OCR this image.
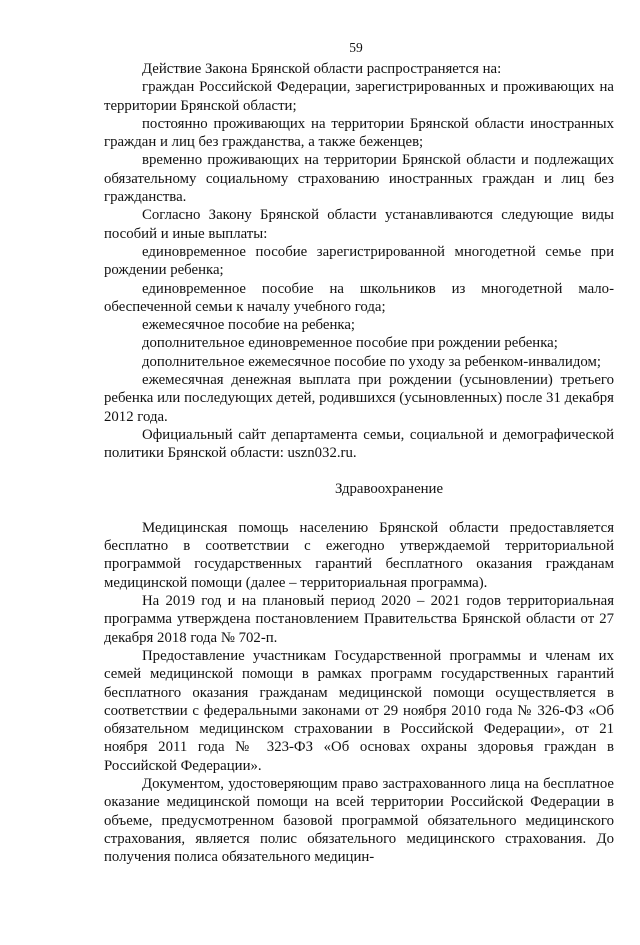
59

Действие Закона Брянской области распространяется на:

граждан Российской Федерации, зарегистрированных и проживающих на территории Брянской области;

постоянно проживающих на территории Брянской области иностранных граждан и лиц без гражданства, а также беженцев;

временно проживающих на территории Брянской области и подлежащих обязательному социальному страхованию иностранных граждан и лиц без гражданства.

Согласно Закону Брянской области устанавливаются следующие виды пособий и иные выплаты:

единовременное пособие зарегистрированной многодетной семье при рождении ребенка;

единовременное пособие на школьников из многодетной малообеспеченной семьи к началу учебного года;

ежемесячное пособие на ребенка;

дополнительное единовременное пособие при рождении ребенка;

дополнительное ежемесячное пособие по уходу за ребенком-инвалидом;

ежемесячная денежная выплата при рождении (усыновлении) третьего ребенка или последующих детей, родившихся (усыновленных) после 31 декабря 2012 года.

Официальный сайт департамента семьи, социальной и демографической политики Брянской области: uszn032.ru.

Здравоохранение

Медицинская помощь населению Брянской области предоставляется бесплатно в соответствии с ежегодно утверждаемой территориальной программой государственных гарантий бесплатного оказания гражданам медицинской помощи (далее – территориальная программа).

На 2019 год и на плановый период 2020 – 2021 годов территориальная программа утверждена постановлением Правительства Брянской области от 27 декабря 2018 года № 702-п.

Предоставление участникам Государственной программы и членам их семей медицинской помощи в рамках программ государственных гарантий бесплатного оказания гражданам медицинской помощи осуществляется в соответствии с федеральными законами от 29 ноября 2010 года № 326-ФЗ «Об обязательном медицинском страховании в Российской Федерации», от 21 ноября 2011 года № 323-ФЗ «Об основах охраны здоровья граждан в Российской Федерации».

Документом, удостоверяющим право застрахованного лица на бесплатное оказание медицинской помощи на всей территории Российской Федерации в объеме, предусмотренном базовой программой обязательного медицинского страхования, является полис обязательного медицинского страхования. До получения полиса обязательного медицин-
